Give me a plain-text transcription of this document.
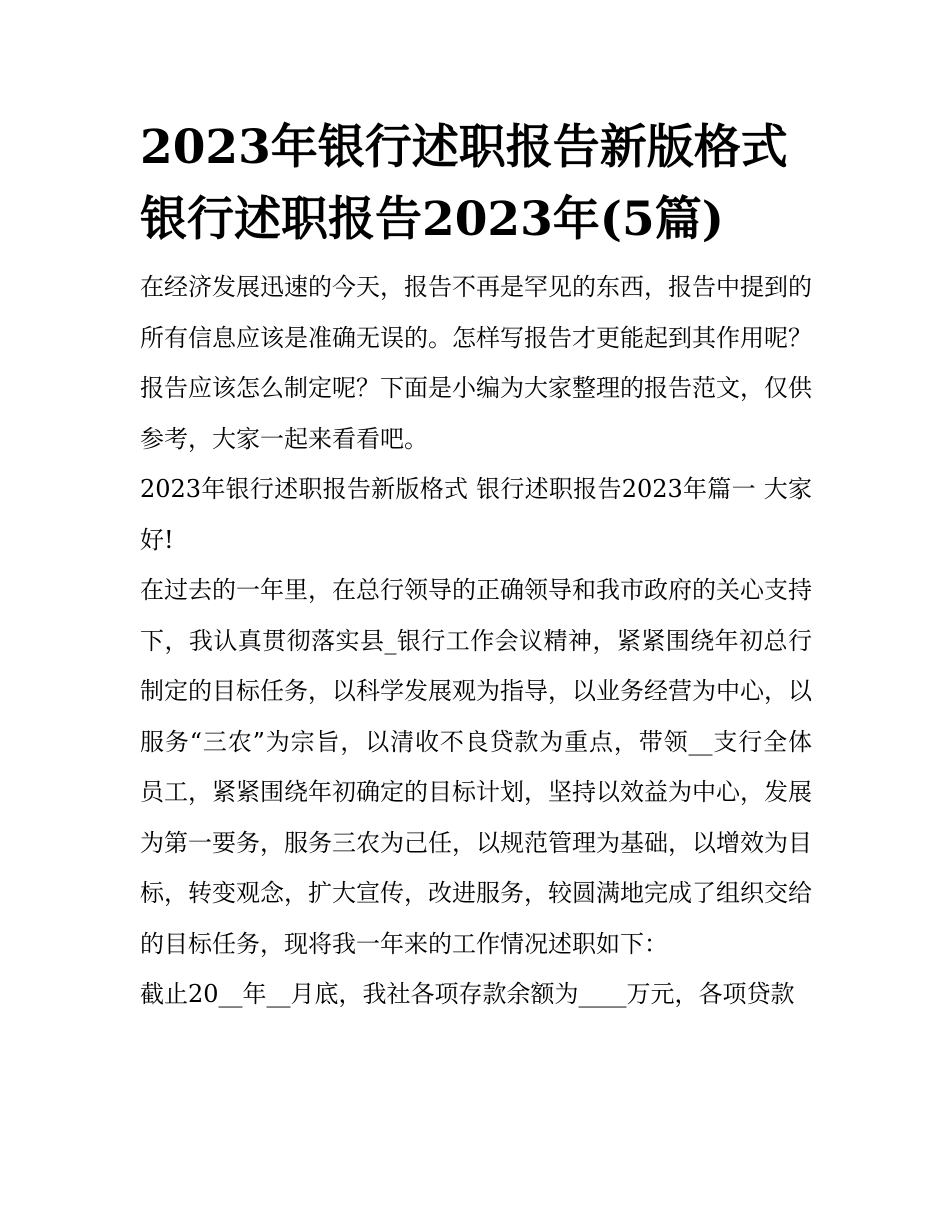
2023年银行述职报告新版格式
银行述职报告2023年(5篇)

在经济发展迅速的今天，报告不再是罕见的东西，报告中提到的所有信息应该是准确无误的。怎样写报告才更能起到其作用呢？报告应该怎么制定呢？下面是小编为大家整理的报告范文，仅供参考，大家一起来看看吧。

2023年银行述职报告新版格式 银行述职报告2023年篇一 大家好!

在过去的一年里，在总行领导的正确领导和我市政府的关心支持下，我认真贯彻落实县_银行工作会议精神，紧紧围绕年初总行制定的目标任务，以科学发展观为指导，以业务经营为中心，以服务“三农”为宗旨，以清收不良贷款为重点，带领__支行全体员工，紧紧围绕年初确定的目标计划，坚持以效益为中心，发展为第一要务，服务三农为己任，以规范管理为基础，以增效为目标，转变观念，扩大宣传，改进服务，较圆满地完成了组织交给的目标任务，现将我一年来的工作情况述职如下：

截止20__年__月底，我社各项存款余额为____万元，各项贷款
